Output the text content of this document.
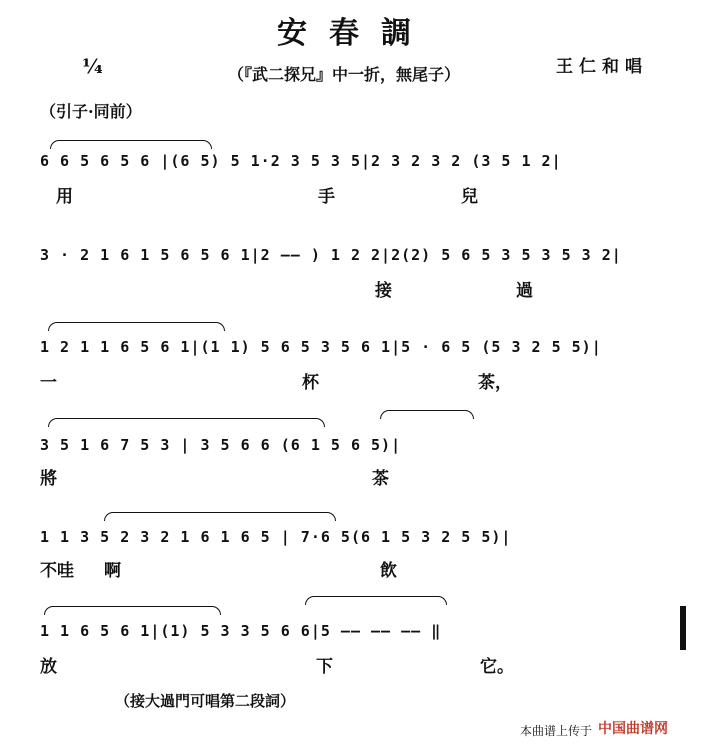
安春調
¼	（『武二探兄』中一折，無尾子）	王仁和唱
（引子·同前）
6 6 5 6 5 6 |(6 5) 5 1·2 3 5 3 5|2 3 2 3 2 (3 5 1 2|
用	手	兒
3 · 2 1 6 1 5 6 5 6 1|2 —— ) 1 2 2|2(2) 5 6 5 3 5 3 5 3 2|
接	過
1 2 1 1 6 5 6 1|(1 1) 5 6 5 3 5 6 1|5 · 6 5 (5 3 2 5 5)|
一	杯	茶，
3 5 1 6 7 5 3 | 3 5 6 6 (6 1 5 6 5)|
將	茶
1 1 3 5 2 3 2 1 6 1 6 5 | 7·6 5(6 1 5 3 2 5 5)|
不哇 啊	飲
1 1 6 5 6 1|(1) 5 3 3 5 6 6|5 —— —— —— ‖
放	下	它。
（接大過門可唱第二段詞）
本曲谱上传于 中国曲谱网
